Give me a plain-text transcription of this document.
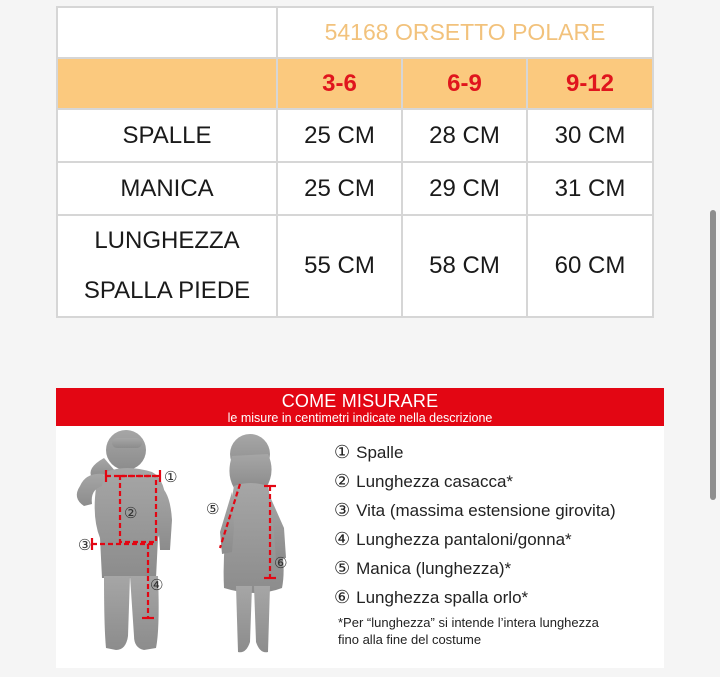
	54168 ORSETTO POLARE		
	3-6	6-9	9-12
SPALLE	25 CM	28 CM	30 CM
MANICA	25 CM	29 CM	31 CM

LUNGHEZZA
SPALLA PIEDE	55 CM	58 CM	60 CM
COME MISURARE
le misure in centimetri indicate nella descrizione
①
②
③
④
⑤
⑥
① Spalle
② Lunghezza casacca*
③ Vita (massima estensione girovita)
④ Lunghezza pantaloni/gonna*
⑤ Manica (lunghezza)*
⑥ Lunghezza spalla orlo*
*Per “lunghezza” si intende l’intera lunghezza
fino alla fine del costume
